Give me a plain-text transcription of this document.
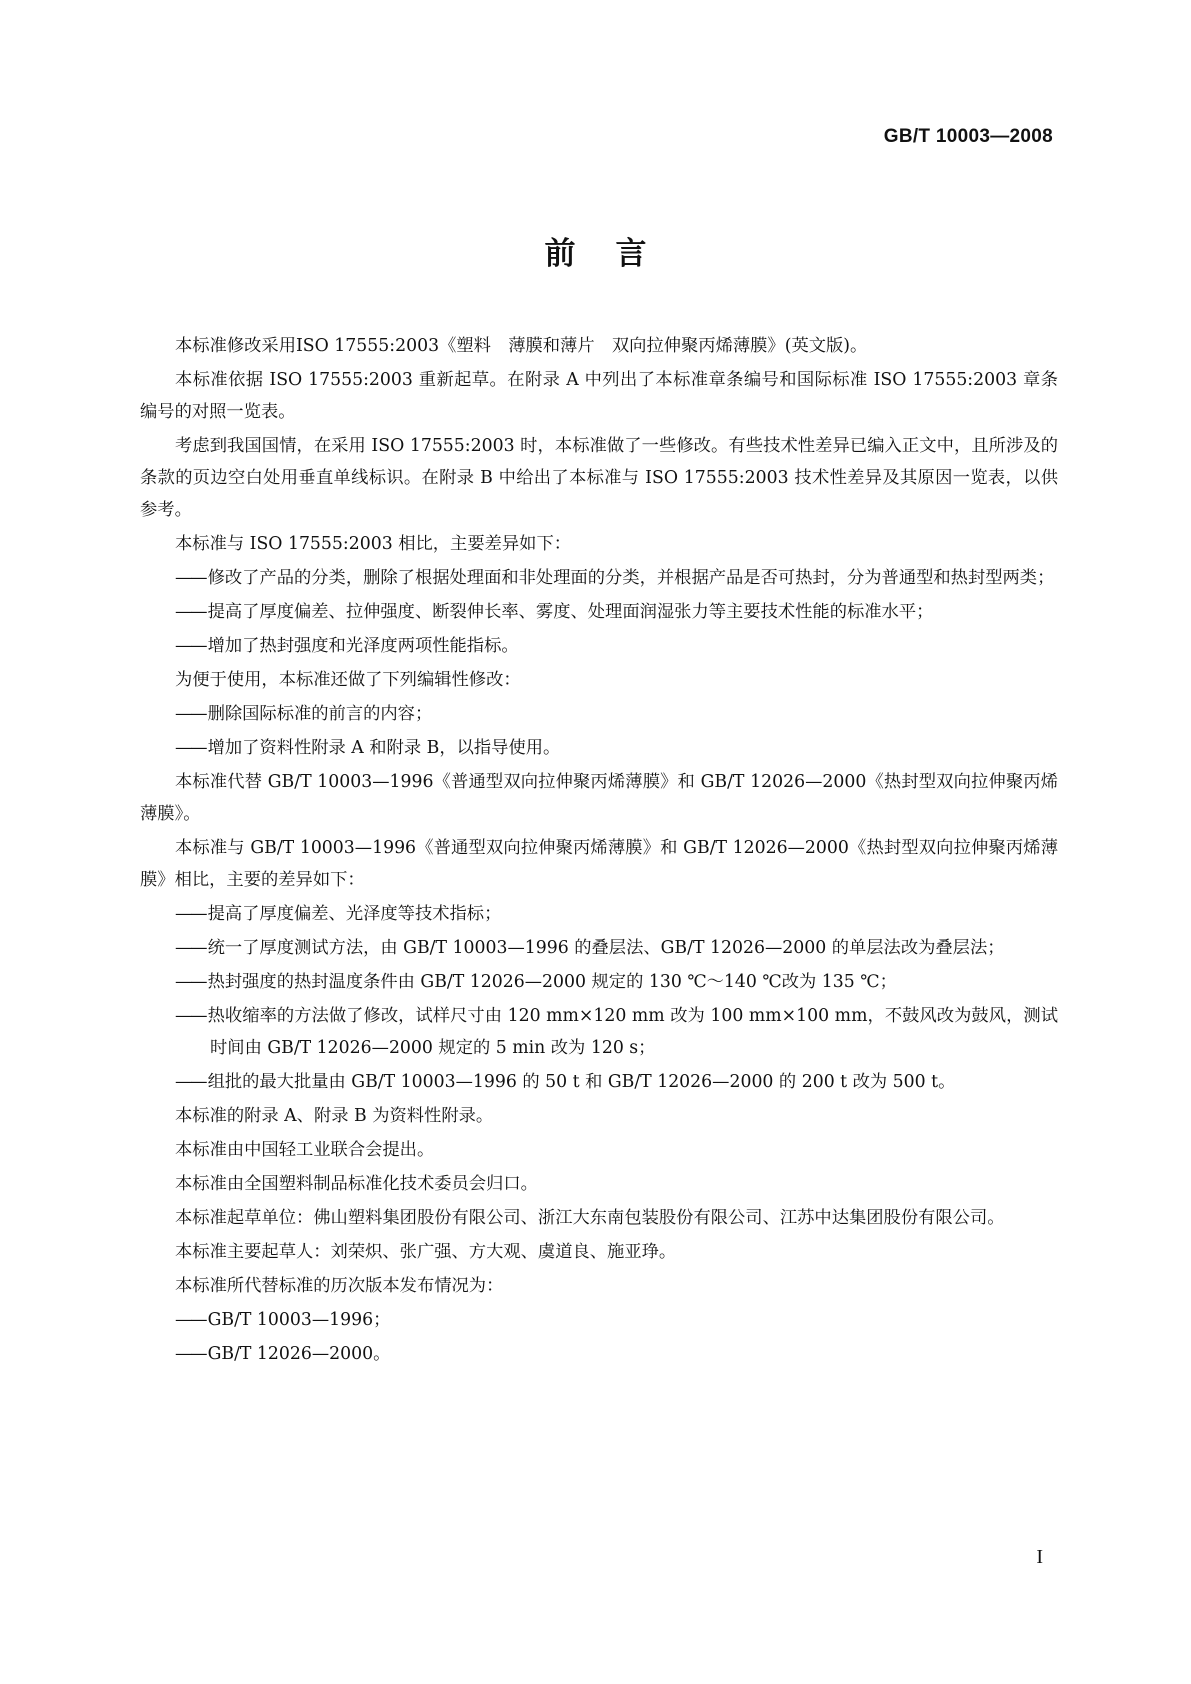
GB/T 10003—2008
前言

本标准修改采用ISO 17555:2003《塑料　薄膜和薄片　双向拉伸聚丙烯薄膜》(英文版)。

本标准依据 ISO 17555:2003 重新起草。在附录 A 中列出了本标准章条编号和国际标准 ISO 17555:2003 章条编号的对照一览表。

考虑到我国国情，在采用 ISO 17555:2003 时，本标准做了一些修改。有些技术性差异已编入正文中，且所涉及的条款的页边空白处用垂直单线标识。在附录 B 中给出了本标准与 ISO 17555:2003 技术性差异及其原因一览表，以供参考。

本标准与 ISO 17555:2003 相比，主要差异如下：

—— 修改了产品的分类，删除了根据处理面和非处理面的分类，并根据产品是否可热封，分为普通型和热封型两类；

—— 提高了厚度偏差、拉伸强度、断裂伸长率、雾度、处理面润湿张力等主要技术性能的标准水平；

—— 增加了热封强度和光泽度两项性能指标。

为便于使用，本标准还做了下列编辑性修改：

—— 删除国际标准的前言的内容；

—— 增加了资料性附录 A 和附录 B，以指导使用。

本标准代替 GB/T 10003—1996《普通型双向拉伸聚丙烯薄膜》和 GB/T 12026—2000《热封型双向拉伸聚丙烯薄膜》。

本标准与 GB/T 10003—1996《普通型双向拉伸聚丙烯薄膜》和 GB/T 12026—2000《热封型双向拉伸聚丙烯薄膜》相比，主要的差异如下：

—— 提高了厚度偏差、光泽度等技术指标；

—— 统一了厚度测试方法，由 GB/T 10003—1996 的叠层法、GB/T 12026—2000 的单层法改为叠层法；

—— 热封强度的热封温度条件由 GB/T 12026—2000 规定的 130 ℃～140 ℃改为 135 ℃；

—— 热收缩率的方法做了修改，试样尺寸由 120 mm×120 mm 改为 100 mm×100 mm，不鼓风改为鼓风，测试时间由 GB/T 12026—2000 规定的 5 min 改为 120 s；

—— 组批的最大批量由 GB/T 10003—1996 的 50 t 和 GB/T 12026—2000 的 200 t 改为 500 t。

本标准的附录 A、附录 B 为资料性附录。

本标准由中国轻工业联合会提出。

本标准由全国塑料制品标准化技术委员会归口。

本标准起草单位：佛山塑料集团股份有限公司、浙江大东南包装股份有限公司、江苏中达集团股份有限公司。

本标准主要起草人：刘荣炽、张广强、方大观、虞道良、施亚琤。

本标准所代替标准的历次版本发布情况为：

—— GB/T 10003—1996；

—— GB/T 12026—2000。

I
